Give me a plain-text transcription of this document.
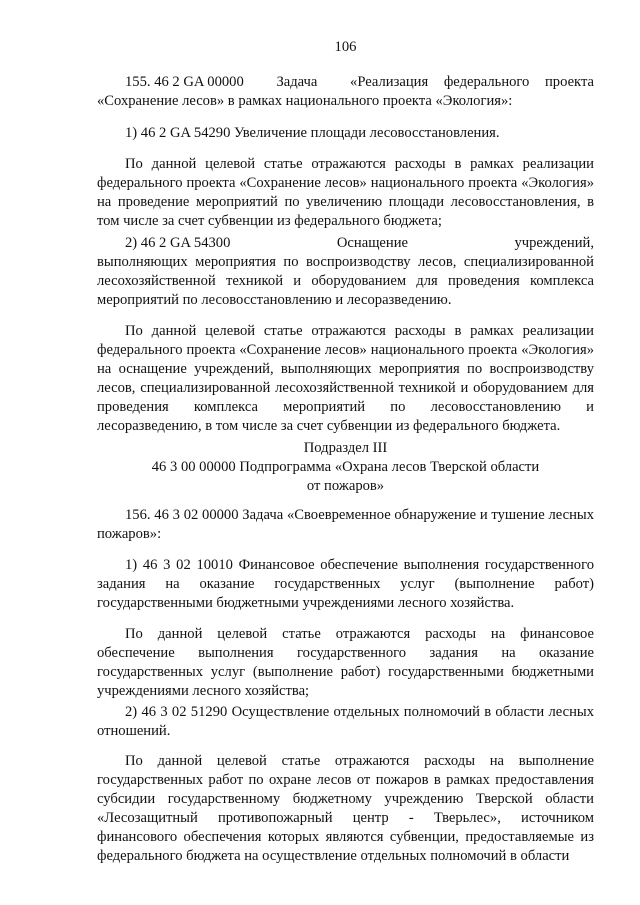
106
155. 46 2 GA 00000 Задача «Реализация федерального проекта

«Сохранение лесов» в рамках национального проекта «Экология»:

1) 46 2 GA 54290 Увеличение площади лесовосстановления.

По данной целевой статье отражаются расходы в рамках реализации федерального проекта «Сохранение лесов» национального проекта «Экология» на проведение мероприятий по увеличению площади лесовосстановления, в том числе за счет субвенции из федерального бюджета;

2) 46 2 GA 54300	Оснащение	учреждений,

выполняющих мероприятия по воспроизводству лесов, специализированной лесохозяйственной техникой и оборудованием для проведения комплекса мероприятий по лесовосстановлению и лесоразведению.

По данной целевой статье отражаются расходы в рамках реализации федерального проекта «Сохранение лесов» национального проекта «Экология» на оснащение учреждений, выполняющих мероприятия по воспроизводству лесов, специализированной лесохозяйственной техникой и оборудованием для проведения комплекса мероприятий по лесовосстановлению и лесоразведению, в том числе за счет субвенции из федерального бюджета.

Подраздел III

46 3 00 00000 Подпрограмма «Охрана лесов Тверской области

от пожаров»

156. 46 3 02 00000 Задача «Своевременное обнаружение и тушение лесных пожаров»:

1) 46 3 02 10010 Финансовое обеспечение выполнения государственного задания на оказание государственных услуг (выполнение работ) государственными бюджетными учреждениями лесного хозяйства.

По данной целевой статье отражаются расходы на финансовое обеспечение выполнения государственного задания на оказание государственных услуг (выполнение работ) государственными бюджетными учреждениями лесного хозяйства;

2) 46 3 02 51290 Осуществление отдельных полномочий в области лесных отношений.

По данной целевой статье отражаются расходы на выполнение государственных работ по охране лесов от пожаров в рамках предоставления субсидии государственному бюджетному учреждению Тверской области «Лесозащитный противопожарный центр - Тверьлес», источником финансового обеспечения которых являются субвенции, предоставляемые из федерального бюджета на осуществление отдельных полномочий в области
